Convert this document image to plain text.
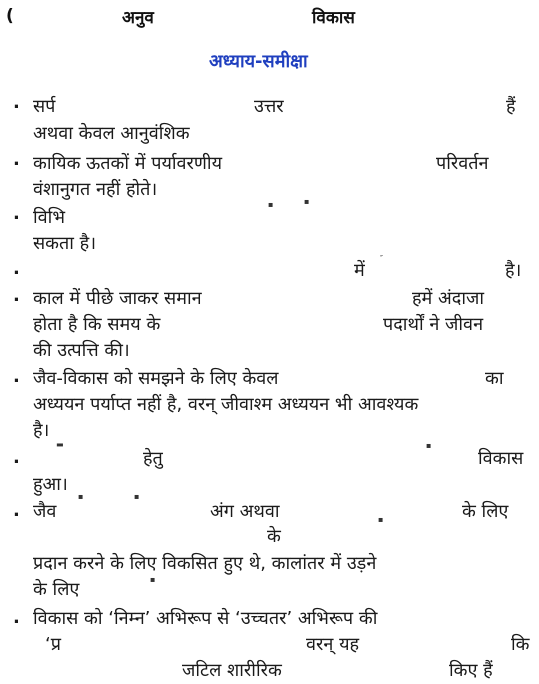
(	अनुव	विकास
अध्याय-समीक्षा
.
.
.
.
.
.
.
.
.
सर्प	उत्तर	हैं
अथवा केवल आनुवंशिक
कायिक ऊतकों में पर्यावरणीय	परिवर्तन
वंशानुगत नहीं होते।
विभि
सकता है।
▪	▪
में
″
है।
काल में पीछे जाकर समान	हमें अंदाजा
होता है कि समय के	पदार्थों ने जीवन
की उत्पत्ति की।
जैव-विकास को समझने के लिए केवल	का
अध्ययन पर्याप्त नहीं है, वरन् जीवाश्म अध्ययन भी आवश्यक
है।
▬	▪
हेतु	विकास
हुआ।
जैव
▪	▪
अंग अथवा	▪	के लिए
के
प्रदान करने के लिए विकसित हुए थे, कालांतर में उड़ने
के लिए	▪
विकास को ‘निम्न’ अभिरूप से ‘उच्चतर’ अभिरूप की
‘प्र	वरन् यह	कि
जटिल शारीरिक	किए हैं
